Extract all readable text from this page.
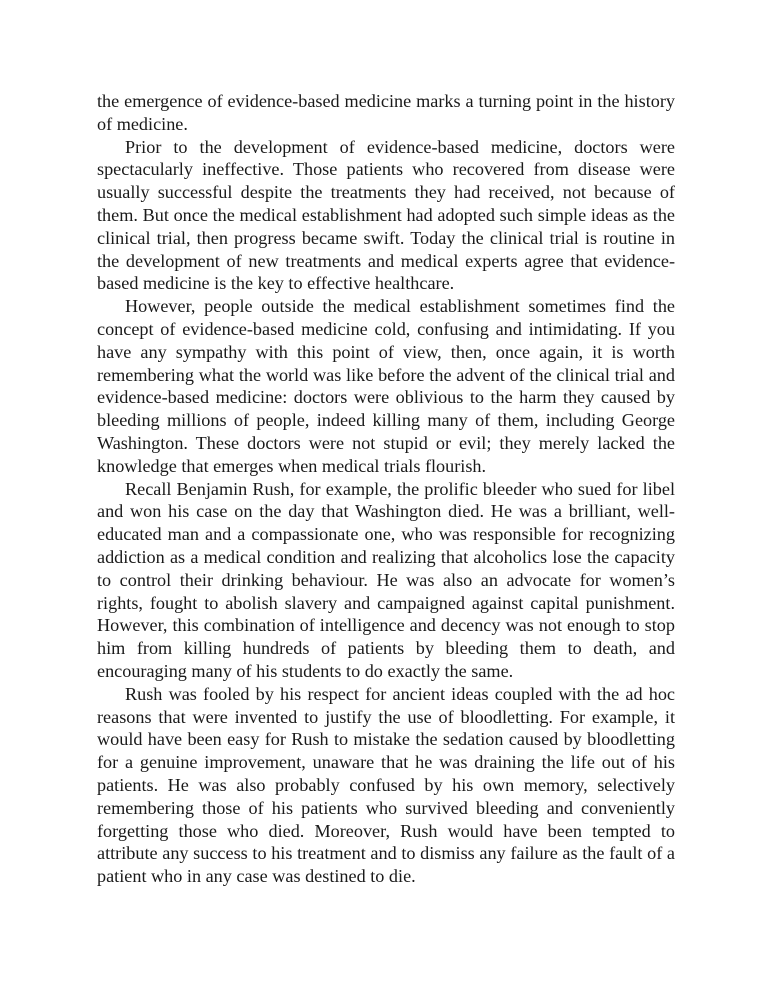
the emergence of evidence-based medicine marks a turning point in the history of medicine.

Prior to the development of evidence-based medicine, doctors were spectacularly ineffective. Those patients who recovered from disease were usually successful despite the treatments they had received, not because of them. But once the medical establishment had adopted such simple ideas as the clinical trial, then progress became swift. Today the clinical trial is routine in the development of new treatments and medical experts agree that evidence-based medicine is the key to effective healthcare.

However, people outside the medical establishment sometimes find the concept of evidence-based medicine cold, confusing and intimidating. If you have any sympathy with this point of view, then, once again, it is worth remembering what the world was like before the advent of the clinical trial and evidence-based medicine: doctors were oblivious to the harm they caused by bleeding millions of people, indeed killing many of them, including George Washington. These doctors were not stupid or evil; they merely lacked the knowledge that emerges when medical trials flourish.

Recall Benjamin Rush, for example, the prolific bleeder who sued for libel and won his case on the day that Washington died. He was a brilliant, well-educated man and a compassionate one, who was responsible for recognizing addiction as a medical condition and realizing that alcoholics lose the capacity to control their drinking behaviour. He was also an advocate for women’s rights, fought to abolish slavery and campaigned against capital punishment. However, this combination of intelligence and decency was not enough to stop him from killing hundreds of patients by bleeding them to death, and encouraging many of his students to do exactly the same.

Rush was fooled by his respect for ancient ideas coupled with the ad hoc reasons that were invented to justify the use of bloodletting. For example, it would have been easy for Rush to mistake the sedation caused by bloodletting for a genuine improvement, unaware that he was draining the life out of his patients. He was also probably confused by his own memory, selectively remembering those of his patients who survived bleeding and conveniently forgetting those who died. Moreover, Rush would have been tempted to attribute any success to his treatment and to dismiss any failure as the fault of a patient who in any case was destined to die.
